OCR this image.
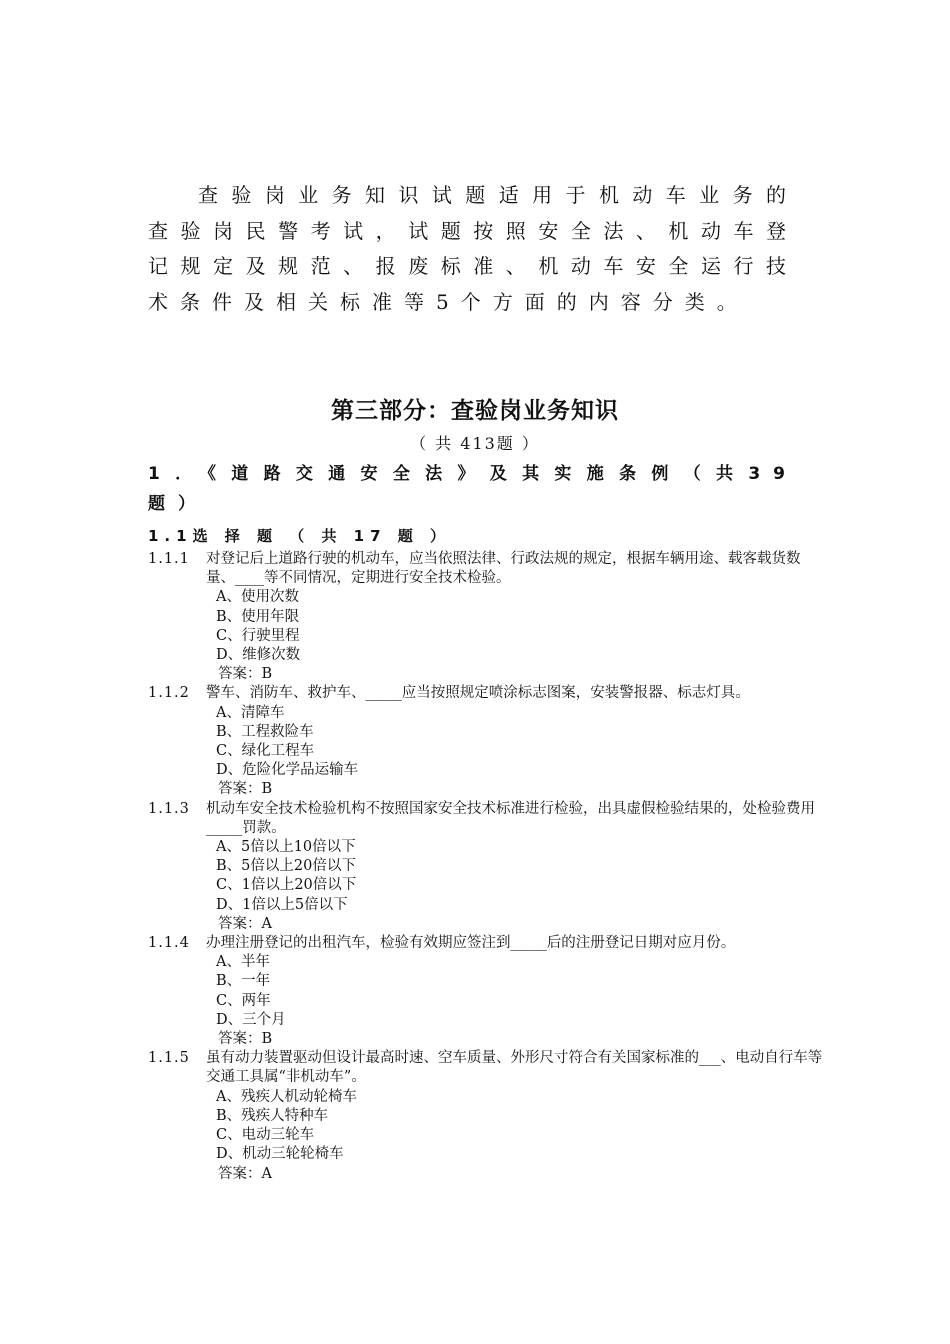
查验岗业务知识试题适用于机动车业务的查验岗民警考试，试题按照安全法、机动车登记规定及规范、报废标准、机动车安全运行技术条件及相关标准等5个方面的内容分类。

第三部分：查验岗业务知识
（ 共 413题 ）
1．《道路交通安全法》及其实施条例（共39题）
1.1选 择 题 （ 共 17 题 ）
1.1.1	对登记后上道路行驶的机动车，应当依照法律、行政法规的规定，根据车辆用途、载客载货数量、____等不同情况，定期进行安全技术检验。
A、使用次数
B、使用年限
C、行驶里程
D、维修次数
答案：B
1.1.2	警车、消防车、救护车、_____应当按照规定喷涂标志图案，安装警报器、标志灯具。
A、清障车
B、工程救险车
C、绿化工程车
D、危险化学品运输车
答案：B
1.1.3	机动车安全技术检验机构不按照国家安全技术标准进行检验，出具虚假检验结果的，处检验费用_____罚款。
A、5倍以上10倍以下
B、5倍以上20倍以下
C、1倍以上20倍以下
D、1倍以上5倍以下
答案：A
1.1.4	办理注册登记的出租汽车，检验有效期应签注到_____后的注册登记日期对应月份。
A、半年
B、一年
C、两年
D、三个月
答案：B
1.1.5	虽有动力装置驱动但设计最高时速、空车质量、外形尺寸符合有关国家标准的___、电动自行车等交通工具属“非机动车”。
A、残疾人机动轮椅车
B、残疾人特种车
C、电动三轮车
D、机动三轮轮椅车
答案：A
